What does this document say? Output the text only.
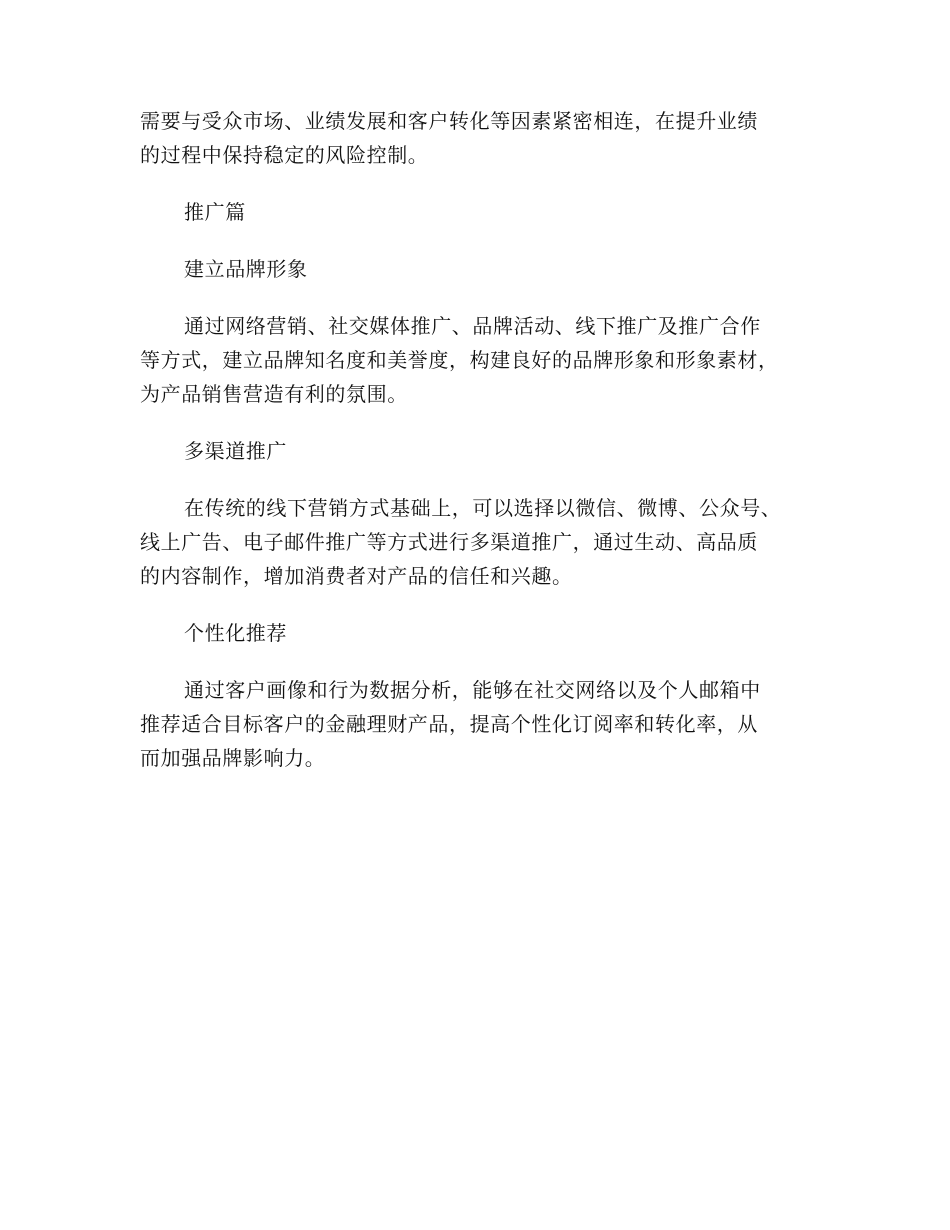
需要与受众市场、业绩发展和客户转化等因素紧密相连，在提升业绩
的过程中保持稳定的风险控制。
推广篇
建立品牌形象
通过网络营销、社交媒体推广、品牌活动、线下推广及推广合作
等方式，建立品牌知名度和美誉度，构建良好的品牌形象和形象素材，
为产品销售营造有利的氛围。
多渠道推广
在传统的线下营销方式基础上，可以选择以微信、微博、公众号、
线上广告、电子邮件推广等方式进行多渠道推广，通过生动、高品质
的内容制作，增加消费者对产品的信任和兴趣。
个性化推荐
通过客户画像和行为数据分析，能够在社交网络以及个人邮箱中
推荐适合目标客户的金融理财产品，提高个性化订阅率和转化率，从
而加强品牌影响力。
